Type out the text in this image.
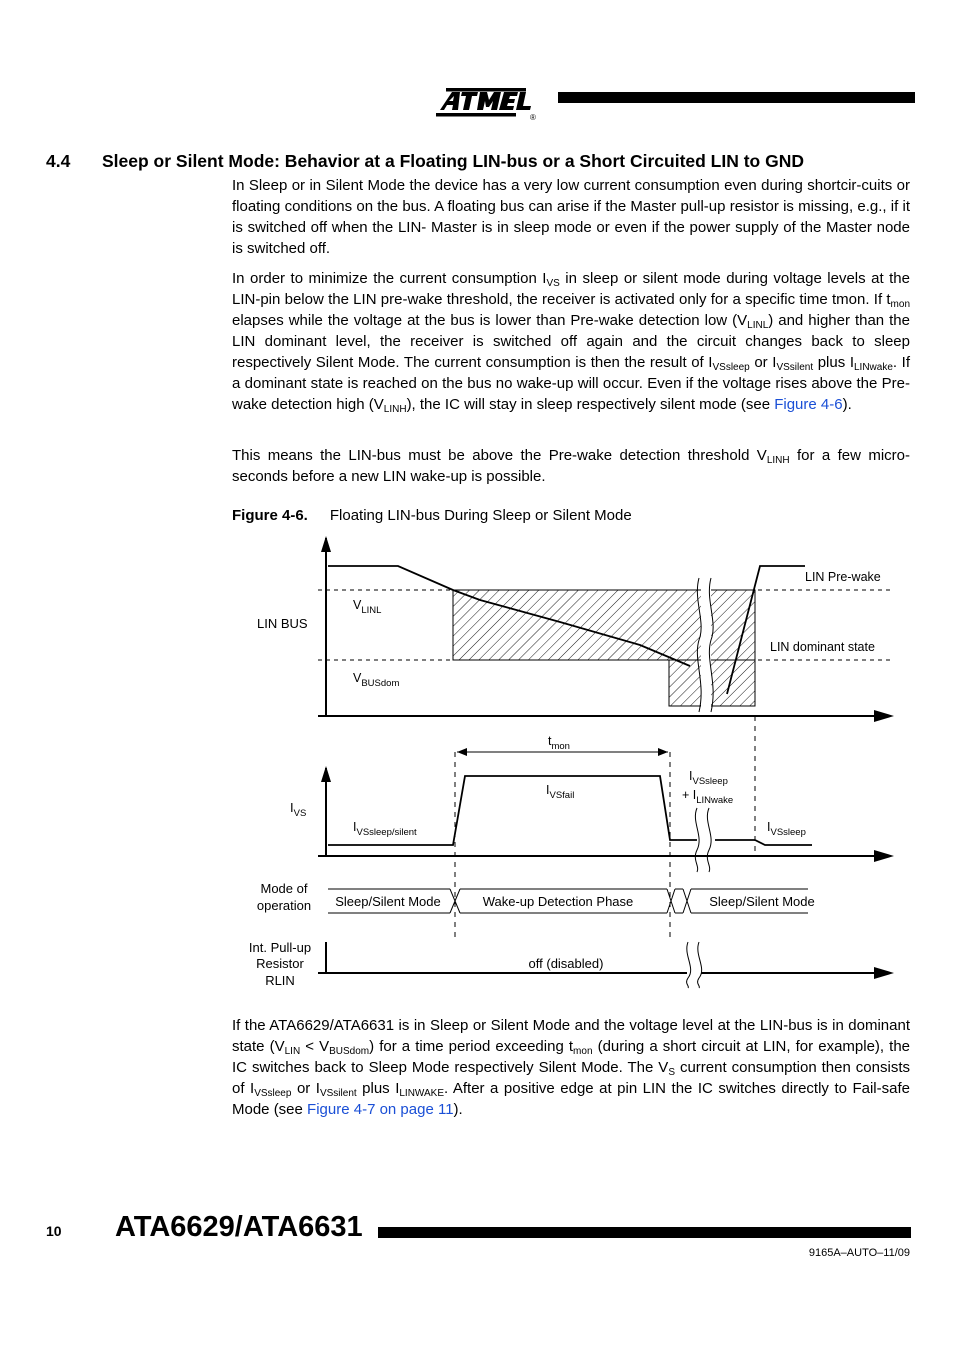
®
4.4 Sleep or Silent Mode: Behavior at a Floating LIN-bus or a Short Circuited LIN to GND

In Sleep or in Silent Mode the device has a very low current consumption even during shortcir-cuits or floating conditions on the bus. A floating bus can arise if the Master pull-up resistor is missing, e.g., if it is switched off when the LIN- Master is in sleep mode or even if the power supply of the Master node is switched off.

In order to minimize the current consumption $I_{VS}$ in sleep or silent mode during voltage levels at the LIN-pin below the LIN pre-wake threshold, the receiver is activated only for a specific time tmon. If $t_{mon}$ elapses while the voltage at the bus is lower than Pre-wake detection low $(V_{LINL})$ and higher than the LIN dominant level, the receiver is switched off again and the circuit changes back to sleep respectively Silent Mode. The current consumption is then the result of $I_{VSsleep}$ or $I_{VSsilent}$ plus $I_{LINwake}$. If a dominant state is reached on the bus no wake-up will occur. Even if the voltage rises above the Pre-wake detection high $(V_{LINH})$, the IC will stay in sleep respectively silent mode (see Figure 4-6).

This means the LIN-bus must be above the Pre-wake detection threshold $V_{LINH}$ for a few micro-seconds before a new LIN wake-up is possible.

Figure 4-6. Floating LIN-bus During Sleep or Silent Mode
LIN BUS
LIN Pre-wake
LIN dominant state
$V_{LINL}$
$V_{BUSdom}$
$t_{mon}$
$I_{VS}$
$I_{VSfail}$
$I_{VSsleep/silent}$
$I_{VSsleep}$
+ $I_{LINwake}$
$I_{VSsleep}$
Mode of
operation Sleep/Silent Mode	Wake-up Detection Phase	Sleep/Silent Mode
Int. Pull-up
Resistor
RLIN
off (disabled)

If the ATA6629/ATA6631 is in Sleep or Silent Mode and the voltage level at the LIN-bus is in dominant state $(V_{LIN} < V_{BUSdom})$ for a time period exceeding $t_{mon}$ (during a short circuit at LIN, for example), the IC switches back to Sleep Mode respectively Silent Mode. The $V_S$ current consumption then consists of $I_{VSsleep}$ or $I_{VSsilent}$ plus $I_{LINWAKE}$. After a positive edge at pin LIN the IC switches directly to Fail-safe Mode (see Figure 4-7 on page 11).

10 ATA6629/ATA6631
9165A–AUTO–11/09
